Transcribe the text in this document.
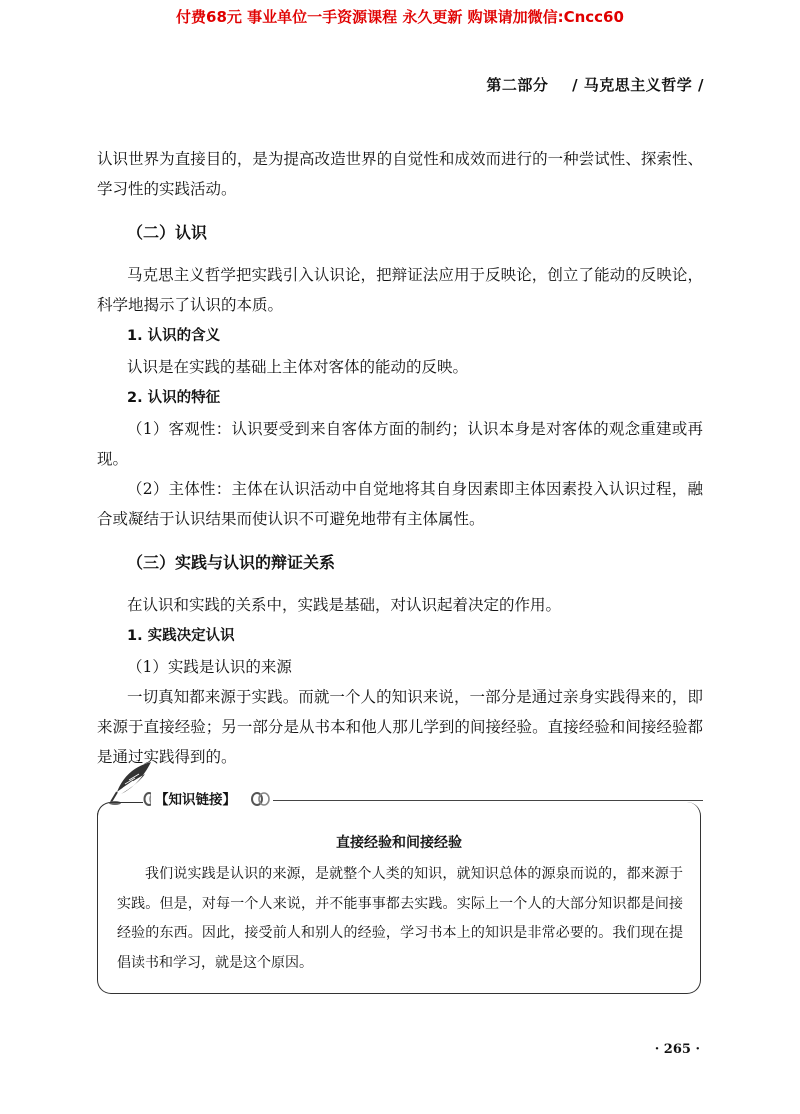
付费68元 事业单位一手资源课程 永久更新 购课请加微信:Cncc60
第二部分 / 马克思主义哲学 /

认识世界为直接目的，是为提高改造世界的自觉性和成效而进行的一种尝试性、探索性、学习性的实践活动。

（二）认识

马克思主义哲学把实践引入认识论，把辩证法应用于反映论，创立了能动的反映论，科学地揭示了认识的本质。

1. 认识的含义

认识是在实践的基础上主体对客体的能动的反映。

2. 认识的特征

（1）客观性：认识要受到来自客体方面的制约；认识本身是对客体的观念重建或再现。

（2）主体性：主体在认识活动中自觉地将其自身因素即主体因素投入认识过程，融合或凝结于认识结果而使认识不可避免地带有主体属性。

（三）实践与认识的辩证关系

在认识和实践的关系中，实践是基础，对认识起着决定的作用。

1. 实践决定认识

（1）实践是认识的来源

一切真知都来源于实践。而就一个人的知识来说，一部分是通过亲身实践得来的，即来源于直接经验；另一部分是从书本和他人那儿学到的间接经验。直接经验和间接经验都是通过实践得到的。

【知识链接】
直接经验和间接经验
我们说实践是认识的来源，是就整个人类的知识，就知识总体的源泉而说的，都来源于实践。但是，对每一个人来说，并不能事事都去实践。实际上一个人的大部分知识都是间接经验的东西。因此，接受前人和别人的经验，学习书本上的知识是非常必要的。我们现在提倡读书和学习，就是这个原因。
· 265 ·
